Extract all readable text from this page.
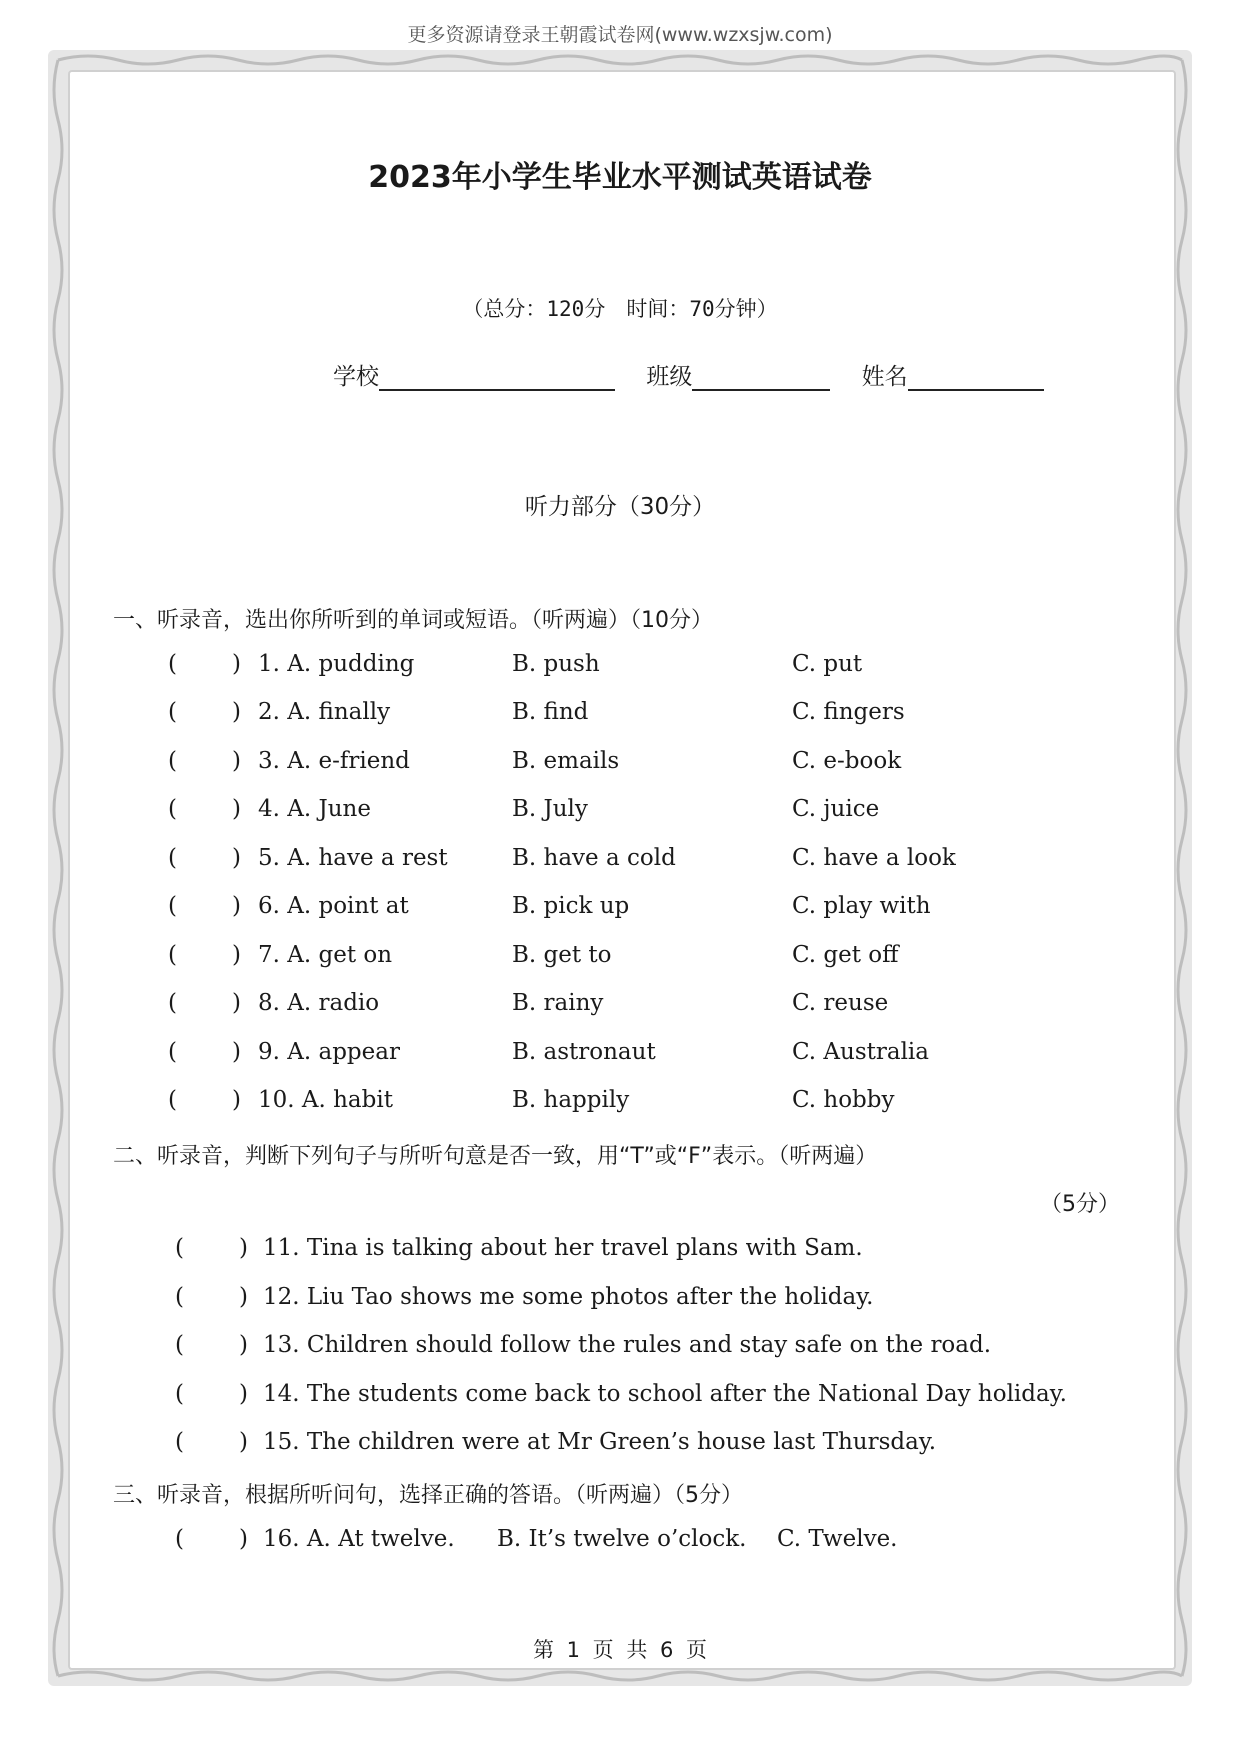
更多资源请登录王朝霞试卷网(www.wzxsjw.com)
2023年小学生毕业水平测试英语试卷
（总分：120分　时间：70分钟）
学校	班级	姓名
听力部分（30分）
一、听录音，选出你所听到的单词或短语。（听两遍）（10分）
( ) 1. A. pudding	B. push	C. put
( ) 2. A. finally	B. find	C. fingers
( ) 3. A. e-friend	B. emails	C. e-book
( ) 4. A. June	B. July	C. juice
( ) 5. A. have a rest	B. have a cold	C. have a look
( ) 6. A. point at	B. pick up	C. play with
( ) 7. A. get on	B. get to	C. get off
( ) 8. A. radio	B. rainy	C. reuse
( ) 9. A. appear	B. astronaut	C. Australia
( ) 10. A. habit	B. happily	C. hobby
二、听录音，判断下列句子与所听句意是否一致，用“T”或“F”表示。（听两遍）
（5分）
( ) 11. Tina is talking about her travel plans with Sam.
( ) 12. Liu Tao shows me some photos after the holiday.
( ) 13. Children should follow the rules and stay safe on the road.
( ) 14. The students come back to school after the National Day holiday.
( ) 15. The children were at Mr Green’s house last Thursday.
三、听录音，根据所听问句，选择正确的答语。（听两遍）（5分）
( ) 16. A. At twelve. B. It’s twelve o’clock. C. Twelve.
第 1 页 共 6 页
